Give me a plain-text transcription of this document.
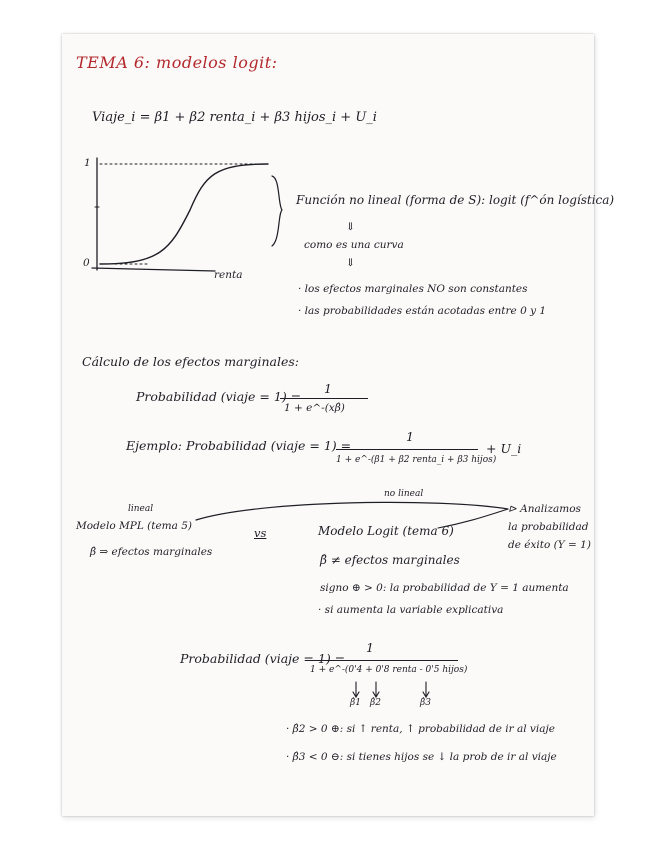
TEMA 6: modelos logit:
Viaje_i = β1 + β2 renta_i + β3 hijos_i + U_i
1
0
renta
Función no lineal (forma de S): logit (f^ón logística)
⇓
como es una curva
⇓
· los efectos marginales NO son constantes
· las probabilidades están acotadas entre 0 y 1
Cálculo de los efectos marginales:
Probabilidad (viaje = 1) =
1
1 + e^-(xβ̂)
Ejemplo: Probabilidad (viaje = 1) =
1
1 + e^-(β1 + β2 renta_i + β3 hijos)
+ U_i
lineal
Modelo MPL (tema 5)
β̂ ⇒ efectos marginales
vs
no lineal
Modelo Logit (tema 6)
β̂ ≠ efectos marginales
signo ⊕ > 0: la probabilidad de Y = 1 aumenta
· si aumenta la variable explicativa
⊳ Analizamos
la probabilidad
de éxito (Y = 1)
Probabilidad (viaje = 1) =
1
1 + e^-(0'4 + 0'8 renta - 0'5 hijos)
β̂1 β̂2	β̂3
· β̂2 > 0 ⊕: si ↑ renta, ↑ probabilidad de ir al viaje
· β̂3 < 0 ⊖: si tienes hijos se ↓ la prob de ir al viaje
